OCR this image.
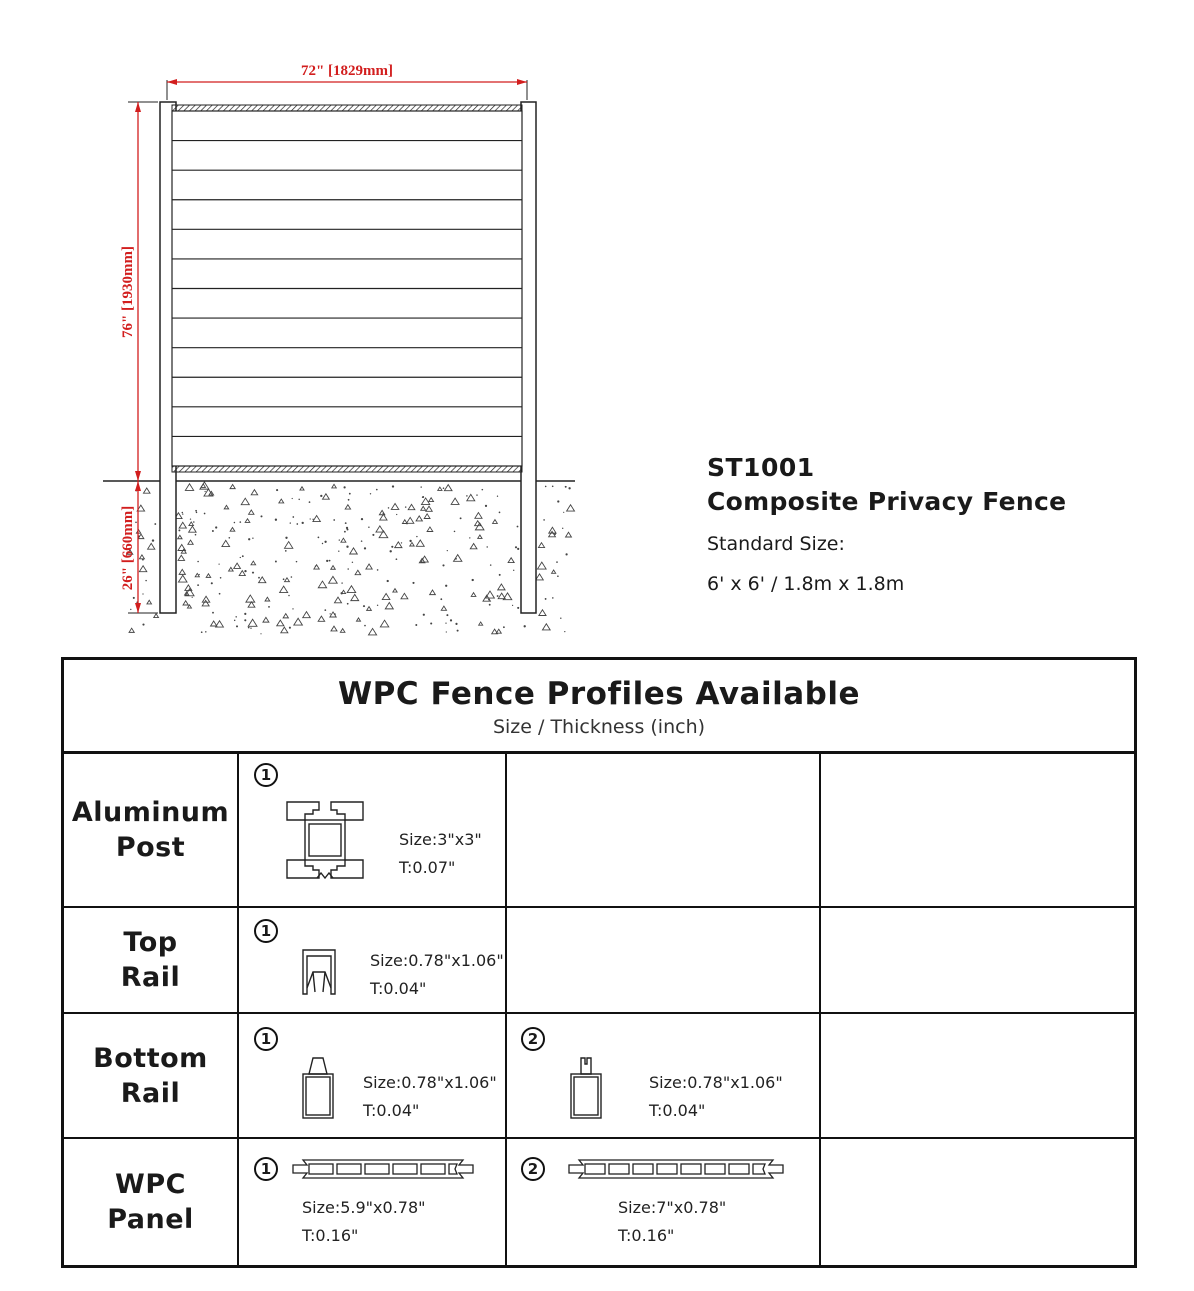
72" [1829mm]
76" [1930mm]
26" [660mm]
ST1001
Composite Privacy Fence
Standard Size:
6' x 6' / 1.8m x 1.8m
WPC Fence Profiles Available
Size / Thickness (inch)
Aluminum
Post
1
Size:3"x3"
T:0.07"
Top
Rail
1
Size:0.78"x1.06"
T:0.04"
Bottom
Rail
1
Size:0.78"x1.06"
T:0.04"
2
Size:0.78"x1.06"
T:0.04"
WPC
Panel
1
Size:5.9"x0.78"
T:0.16"
2
Size:7"x0.78"
T:0.16"
